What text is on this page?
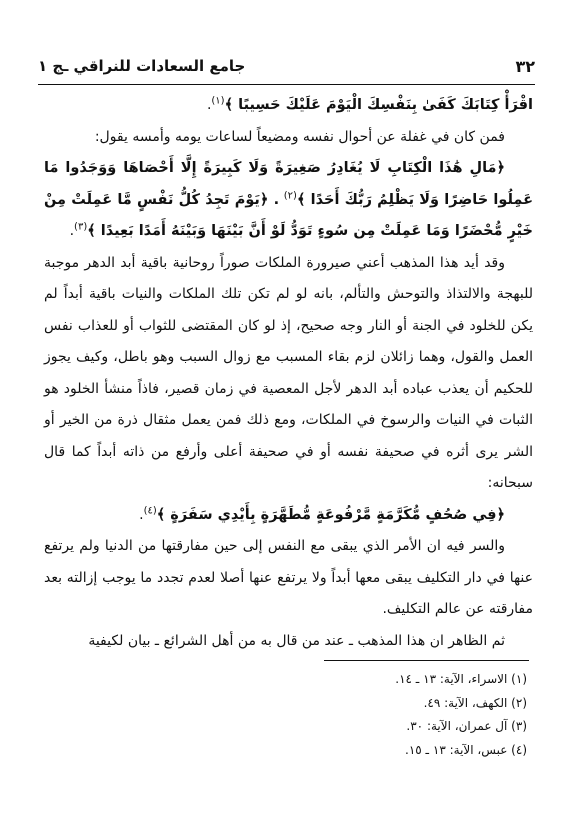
٣٢
جامع السعادات للنراقي ـج ١

اقْرَأْ كِتَابَكَ كَفَىٰ بِنَفْسِكَ الْيَوْمَ عَلَيْكَ حَسِيبًا ﴾$^{(١)}$.

فمن كان في غفلة عن أحوال نفسه ومضيعاً لساعات يومه وأمسه يقول:

﴿مَالِ هَٰذَا الْكِتَابِ لَا يُغَادِرُ صَغِيرَةً وَلَا كَبِيرَةً إِلَّا أَحْصَاهَا وَوَجَدُوا مَا عَمِلُوا حَاضِرًا وَلَا يَظْلِمُ رَبُّكَ أَحَدًا ﴾$^{(٢)}$ . ﴿يَوْمَ تَجِدُ كُلُّ نَفْسٍ مَّا عَمِلَتْ مِنْ خَيْرٍ مُّحْضَرًا وَمَا عَمِلَتْ مِن سُوءٍ تَوَدُّ لَوْ أَنَّ بَيْنَهَا وَبَيْنَهُ أَمَدًا بَعِيدًا ﴾$^{(٣)}$.

وقد أيد هذا المذهب أعني صيرورة الملكات صوراً روحانية باقية أبد الدهر موجبة للبهجة والالتذاذ والتوحش والتألم، بانه لو لم تكن تلك الملكات والنيات باقية أبداً لم يكن للخلود في الجنة أو النار وجه صحيح، إذ لو كان المقتضى للثواب أو للعذاب نفس العمل والقول، وهما زائلان لزم بقاء المسبب مع زوال السبب وهو باطل، وكيف يجوز للحكيم أن يعذب عباده أبد الدهر لأجل المعصية في زمان قصير، فاذاً منشأ الخلود هو الثبات في النيات والرسوخ في الملكات، ومع ذلك فمن يعمل مثقال ذرة من الخير أو الشر يرى أثره في صحيفة نفسه أو في صحيفة أعلى وأرفع من ذاته أبداً كما قال سبحانه:

﴿فِي صُحُفٍ مُّكَرَّمَةٍ مَّرْفُوعَةٍ مُّطَهَّرَةٍ بِأَيْدِي سَفَرَةٍ ﴾$^{(٤)}$.

والسر فيه ان الأمر الذي يبقى مع النفس إلى حين مفارقتها من الدنيا ولم يرتفع عنها في دار التكليف يبقى معها أبداً ولا يرتفع عنها أصلا لعدم تجدد ما يوجب إزالته بعد مفارقته عن عالم التكليف.

ثم الظاهر ان هذا المذهب ـ عند من قال به من أهل الشرائع ـ بيان لكيفية

(١) الاسراء، الآية: ١٣ ـ ١٤.
(٢) الكهف، الآية: ٤٩.
(٣) آل عمران، الآية: ٣٠.
(٤) عبس، الآية: ١٣ ـ ١٥.
